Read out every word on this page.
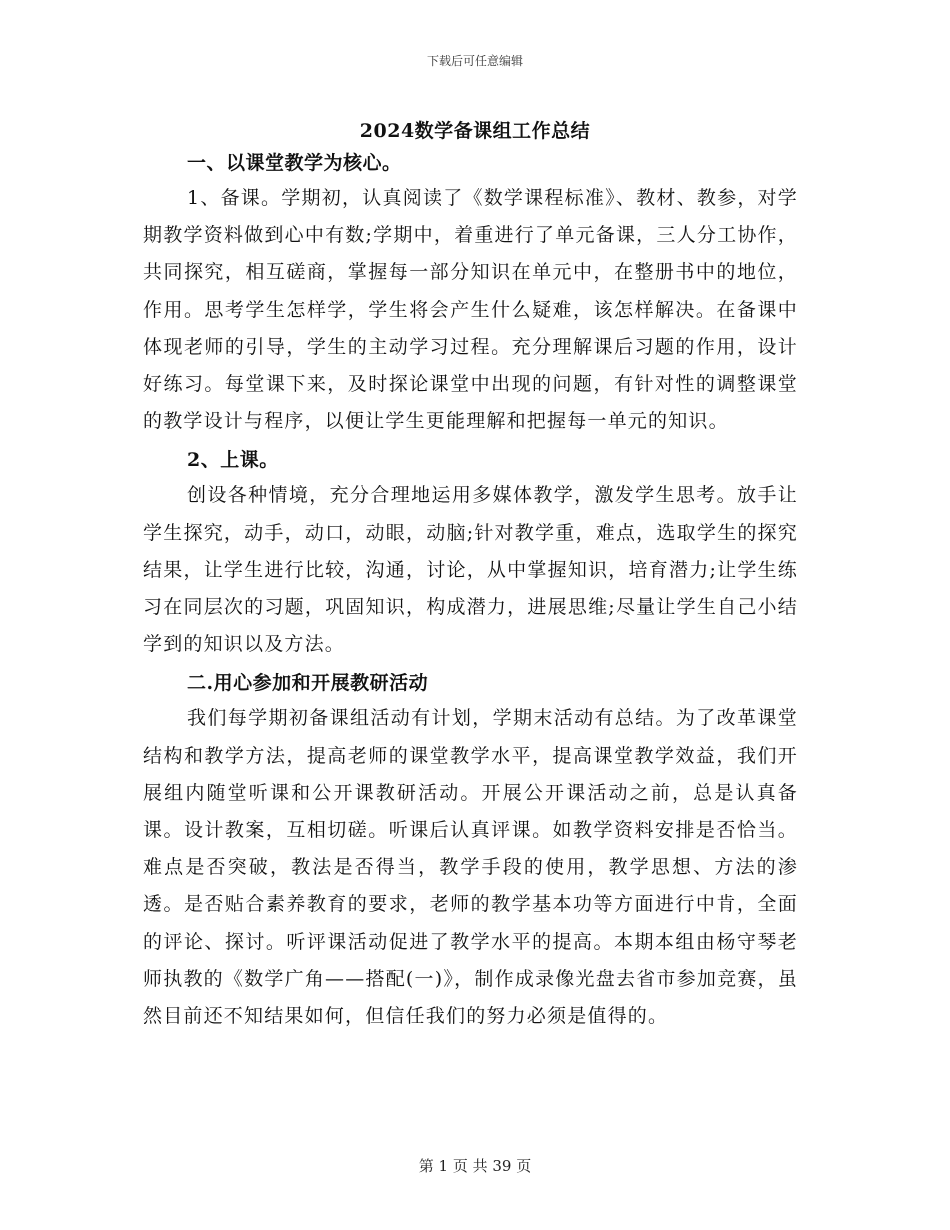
下载后可任意编辑
2024数学备课组工作总结
一、以课堂教学为核心。

1、备课。学期初，认真阅读了《数学课程标准》、教材、教参，对学期教学资料做到心中有数;学期中，着重进行了单元备课，三人分工协作，共同探究，相互磋商，掌握每一部分知识在单元中，在整册书中的地位，作用。思考学生怎样学，学生将会产生什么疑难，该怎样解决。在备课中体现老师的引导，学生的主动学习过程。充分理解课后习题的作用，设计好练习。每堂课下来，及时探论课堂中出现的问题，有针对性的调整课堂的教学设计与程序，以便让学生更能理解和把握每一单元的知识。

2、上课。

创设各种情境，充分合理地运用多媒体教学，激发学生思考。放手让学生探究，动手，动口，动眼，动脑;针对教学重，难点，选取学生的探究结果，让学生进行比较，沟通，讨论，从中掌握知识，培育潜力;让学生练习在同层次的习题，巩固知识，构成潜力，进展思维;尽量让学生自己小结学到的知识以及方法。

二.用心参加和开展教研活动

我们每学期初备课组活动有计划，学期末活动有总结。为了改革课堂结构和教学方法，提高老师的课堂教学水平，提高课堂教学效益，我们开展组内随堂听课和公开课教研活动。开展公开课活动之前，总是认真备课。设计教案，互相切磋。听课后认真评课。如教学资料安排是否恰当。难点是否突破，教法是否得当，教学手段的使用，教学思想、方法的渗透。是否贴合素养教育的要求，老师的教学基本功等方面进行中肯，全面的评论、探讨。听评课活动促进了教学水平的提高。本期本组由杨守琴老师执教的《数学广角——搭配(一)》，制作成录像光盘去省市参加竞赛，虽然目前还不知结果如何，但信任我们的努力必须是值得的。

第 1 页 共 39 页
